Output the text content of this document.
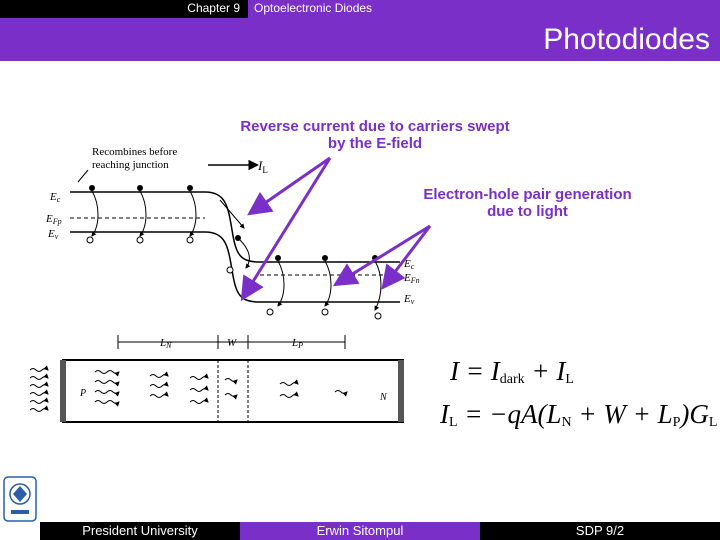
Chapter 9	Optoelectronic Diodes
Photodiodes
Recombines before reaching junction	$I_L$
Ec
EFp
Ev
Ec
EFn
Ev
LN	W	LP
P	N
Reverse current due to carriers swept by the E-field
Electron-hole pair generation due to light
$I = I_{dark} + I_L$
$I_L = -qA(L_N + W + L_P)G_L$
President University	Erwin Sitompul	SDP 9/2
